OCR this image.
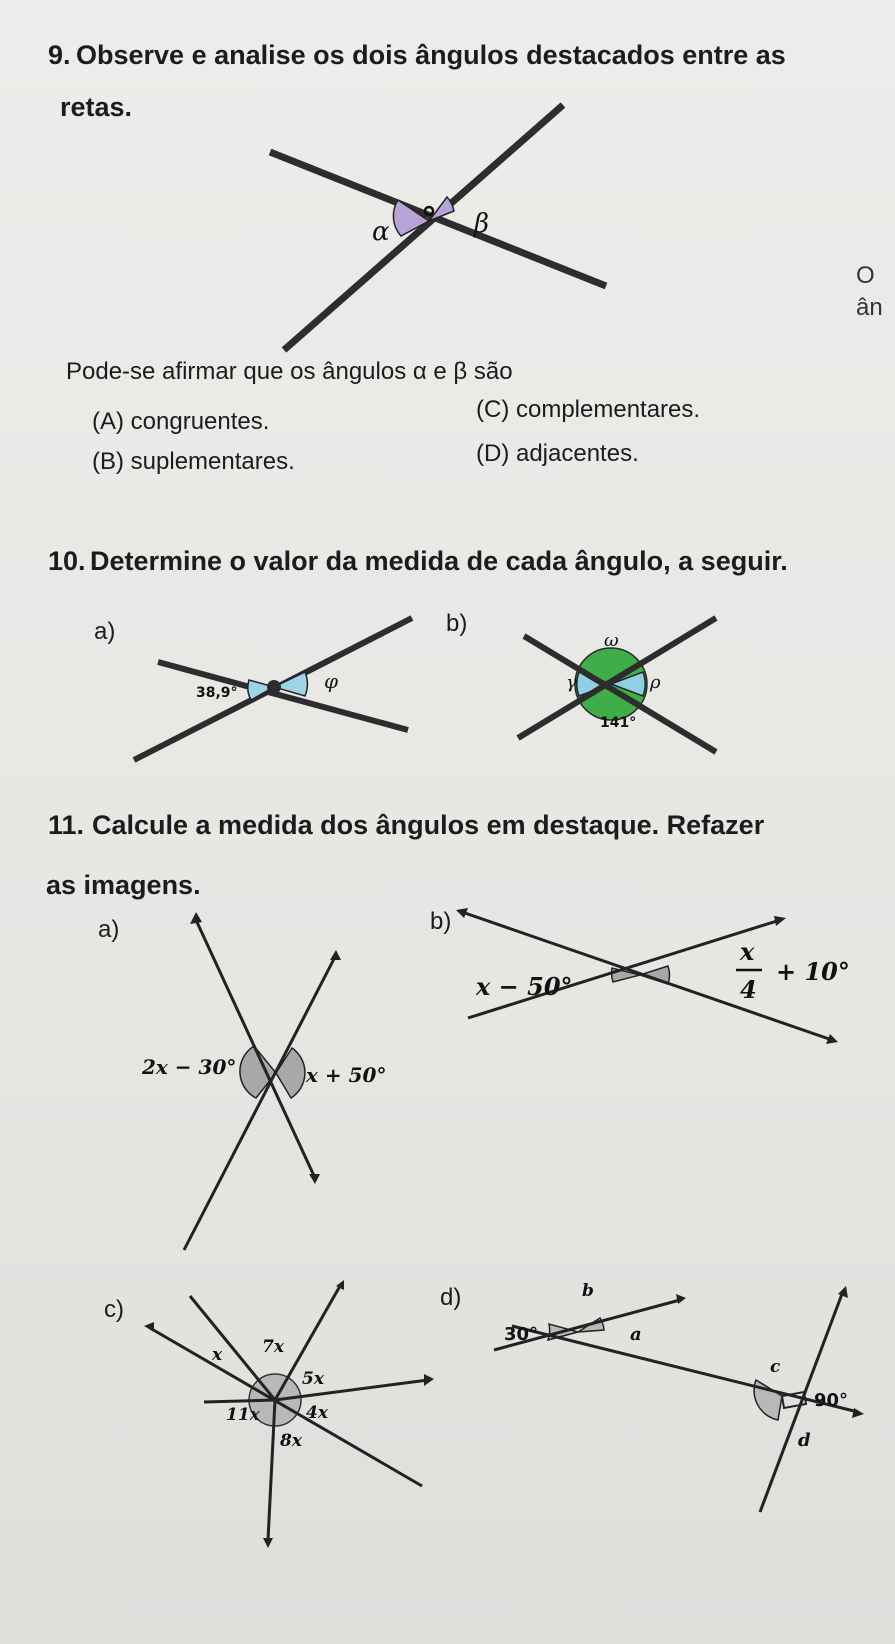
9. Observe e analise os dois ângulos destacados entre as
retas.
α	β
Pode-se afirmar que os ângulos α e β são
(A) congruentes.	(C) complementares.
(B) suplementares.	(D) adjacentes.
O
ân
10. Determine o valor da medida de cada ângulo, a seguir.
a)	b)
38,9°	φ
ω
γ	ρ
141°
11. Calcule a medida dos ângulos em destaque. Refazer
as imagens.
a)	b)
c)	d)
2x − 30°	x + 50°
x − 50°
x
4
+ 10°
x 7x
5x
11x	4x
8x
b
30°	a
c
90°
d
